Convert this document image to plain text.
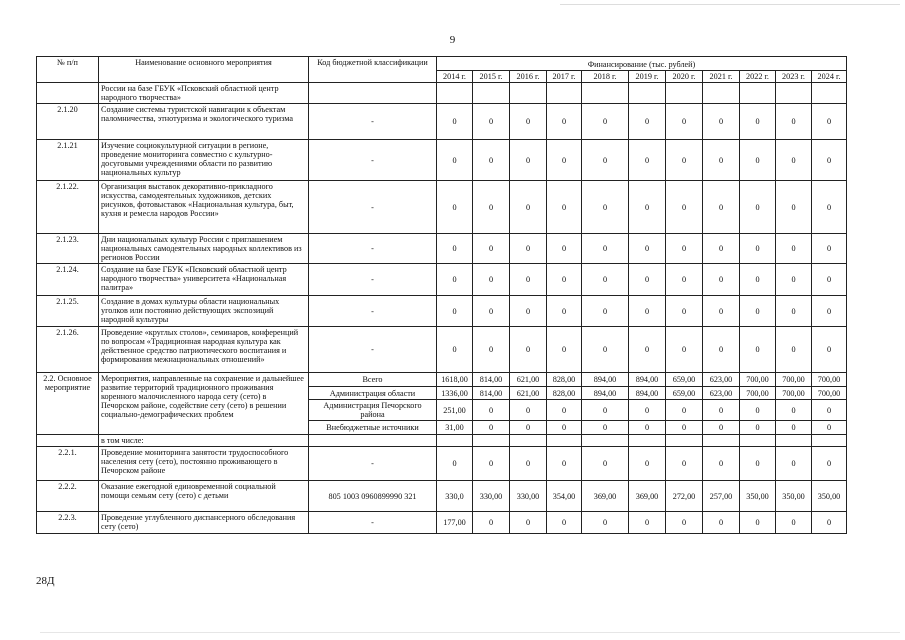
9
№ п/п	Наименование основного мероприятия	Код бюджетной классификации	Финансирование (тыс. рублей)										
			2014 г.	2015 г.	2016 г.	2017 г.	2018 г.	2019 г.	2020 г.	2021 г.	2022 г.	2023 г.	2024 г.
	России на базе ГБУК «Псковский областной центр народного творчества»												
2.1.20	Создание системы туристской навигации к объектам паломничества, этнотуризма и экологического туризма	-	0	0	0	0	0	0	0	0	0	0	0
2.1.21	Изучение социокультурной ситуации в регионе, проведение мониторинга совместно с культурно-досуговыми учреждениями области по развитию национальных культур	-	0	0	0	0	0	0	0	0	0	0	0
2.1.22.	Организация выставок декоративно-прикладного искусства, самодеятельных художников, детских рисунков, фотовыставок «Национальная культура, быт, кухня и ремесла народов России»	-	0	0	0	0	0	0	0	0	0	0	0
2.1.23.	Дни национальных культур России с приглашением национальных самодеятельных народных коллективов из регионов России	-	0	0	0	0	0	0	0	0	0	0	0
2.1.24.	Создание на базе ГБУК «Псковский областной центр народного творчества» университета «Национальная палитра»	-	0	0	0	0	0	0	0	0	0	0	0
2.1.25.	Создание в домах культуры области национальных уголков или постоянно действующих экспозиций народной культуры	-	0	0	0	0	0	0	0	0	0	0	0
2.1.26.	Проведение «круглых столов», семинаров, конференций по вопросам «Традиционная народная культура как действенное средство патриотического воспитания и формирования межнациональных отношений»	-	0	0	0	0	0	0	0	0	0	0	0
2.2. Основное мероприятие	Мероприятия, направленные на сохранение и дальнейшее развитие территорий традиционного проживания коренного малочисленного народа сету (сето) в Печорском районе, содействие сету (сето) в решении социально-демографических проблем	Всего	1618,00	814,00	621,00	828,00	894,00	894,00	659,00	623,00	700,00	700,00	700,00
		Администрация области	1336,00	814,00	621,00	828,00	894,00	894,00	659,00	623,00	700,00	700,00	700,00
		Администрация Печорского района	251,00	0	0	0	0	0	0	0	0	0	0
		Внебюджетные источники	31,00	0	0	0	0	0	0	0	0	0	0
	в том числе:												
2.2.1.	Проведение мониторинга занятости трудоспособного населения сету (сето), постоянно проживающего в Печорском районе	-	0	0	0	0	0	0	0	0	0	0	0
2.2.2.	Оказание ежегодной единовременной социальной помощи семьям сету (сето) с детьми	805 1003 0960899990 321	330,0	330,00	330,00	354,00	369,00	369,00	272,00	257,00	350,00	350,00	350,00
2.2.3.	Проведение углубленного диспансерного обследования сету (сето)	-	177,00	0	0	0	0	0	0	0	0	0	0
28Д
